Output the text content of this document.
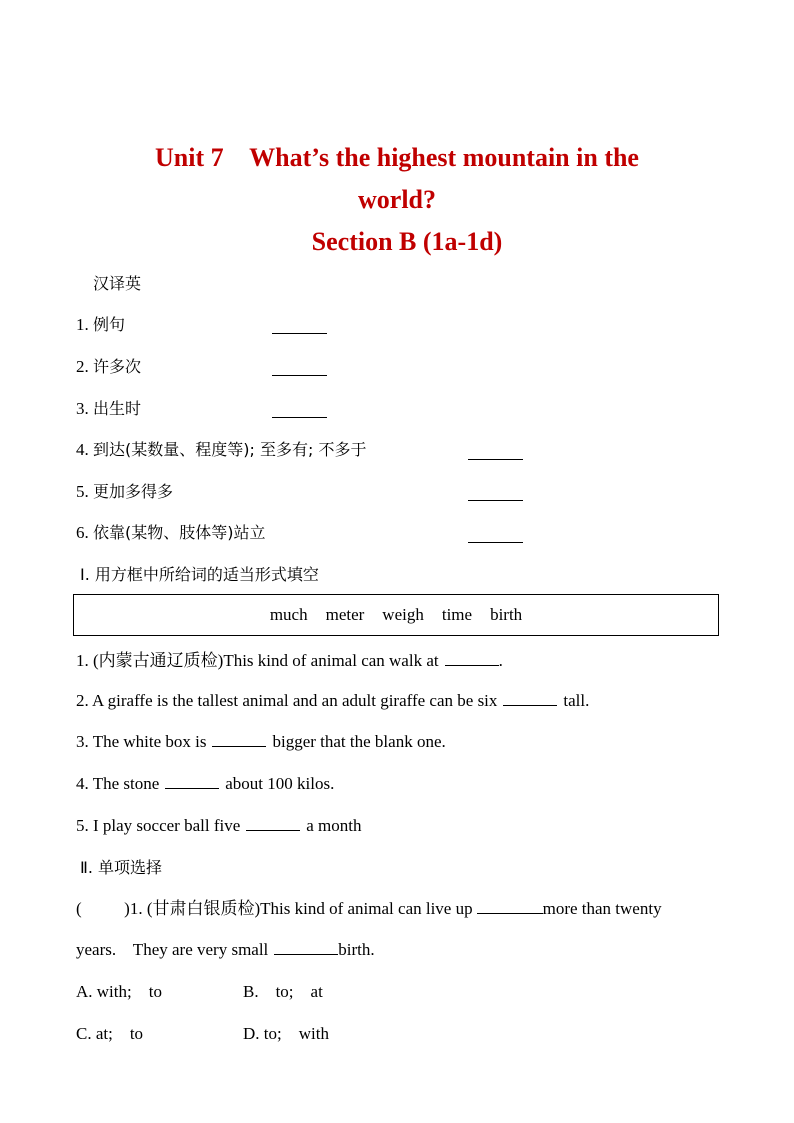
Unit 7    What’s the highest mountain in the
world?
Section B (1a-1d)
汉译英
1. 例句
2. 许多次
3. 出生时
4. 到达(某数量、程度等); 至多有; 不多于
5. 更加多得多
6. 依靠(某物、肢体等)站立
Ⅰ. 用方框中所给词的适当形式填空
much meter weigh time birth
1. (内蒙古通辽质检)This kind of animal can walk at	.
2. A giraffe is the tallest animal and an adult giraffe can be six	tall.
3. The white box is	bigger that the blank one.
4. The stone	about 100 kilos.
5. I play soccer ball five	a month
Ⅱ. 单项选择
(          )1. (甘肃白银质检)This kind of animal can live up	more than twenty
years.    They are very small	birth.
A. with;    to	B.    to;    at
C. at;    to	D. to;    with
